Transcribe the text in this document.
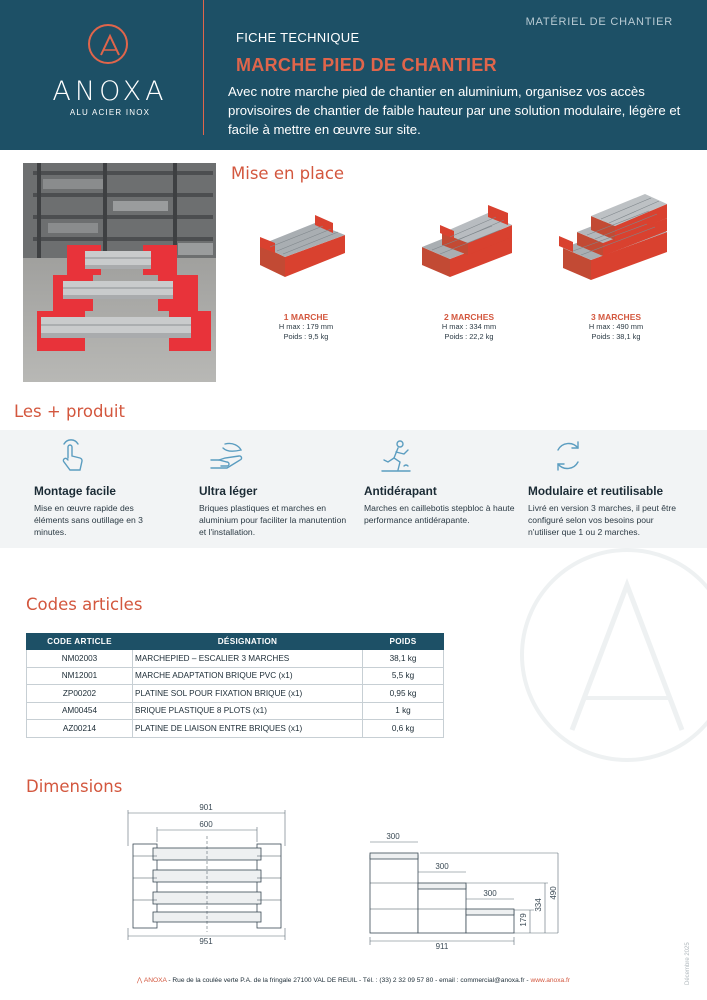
ANOXA
ALU ACIER INOX
MATÉRIEL DE CHANTIER
FICHE TECHNIQUE
MARCHE PIED DE CHANTIER
Avec notre marche pied de chantier en aluminium, organisez vos accès provisoires de chantier de faible hauteur par une solution modulaire, légère et facile à mettre en œuvre sur site.
Mise en place
1 MARCHE
H max : 179 mm
Poids : 9,5 kg
2 MARCHES
H max : 334 mm
Poids : 22,2 kg
3 MARCHES
H max : 490 mm
Poids : 38,1 kg
Les + produit
Montage facile
Mise en œuvre rapide des éléments sans outillage en 3 minutes.
Ultra léger
Briques plastiques et marches en aluminium pour faciliter la manutention et l'installation.
Antidérapant
Marches en caillebotis stepbloc à haute performance antidérapante.
Modulaire et reutilisable
Livré en version 3 marches, il peut être configuré selon vos besoins pour n'utiliser que 1 ou 2 marches.
Codes articles
CODE ARTICLE	DÉSIGNATION	POIDS
NM02003	MARCHEPIED – ESCALIER 3 MARCHES	38,1 kg
NM12001	MARCHE ADAPTATION BRIQUE PVC (x1)	5,5 kg
ZP00202	PLATINE SOL POUR FIXATION BRIQUE (x1)	0,95 kg
AM00454	BRIQUE PLASTIQUE 8 PLOTS (x1)	1 kg
AZ00214	PLATINE DE LIAISON ENTRE BRIQUES (x1)	0,6 kg
Dimensions
901
600
951
300
300
300
911
179
334
490
⋀ ANOXA - Rue de la coulée verte P.A. de la fringale 27100 VAL DE REUIL - Tél. : (33) 2 32 09 57 80 - email : commercial@anoxa.fr - www.anoxa.fr	Décembre 2025
